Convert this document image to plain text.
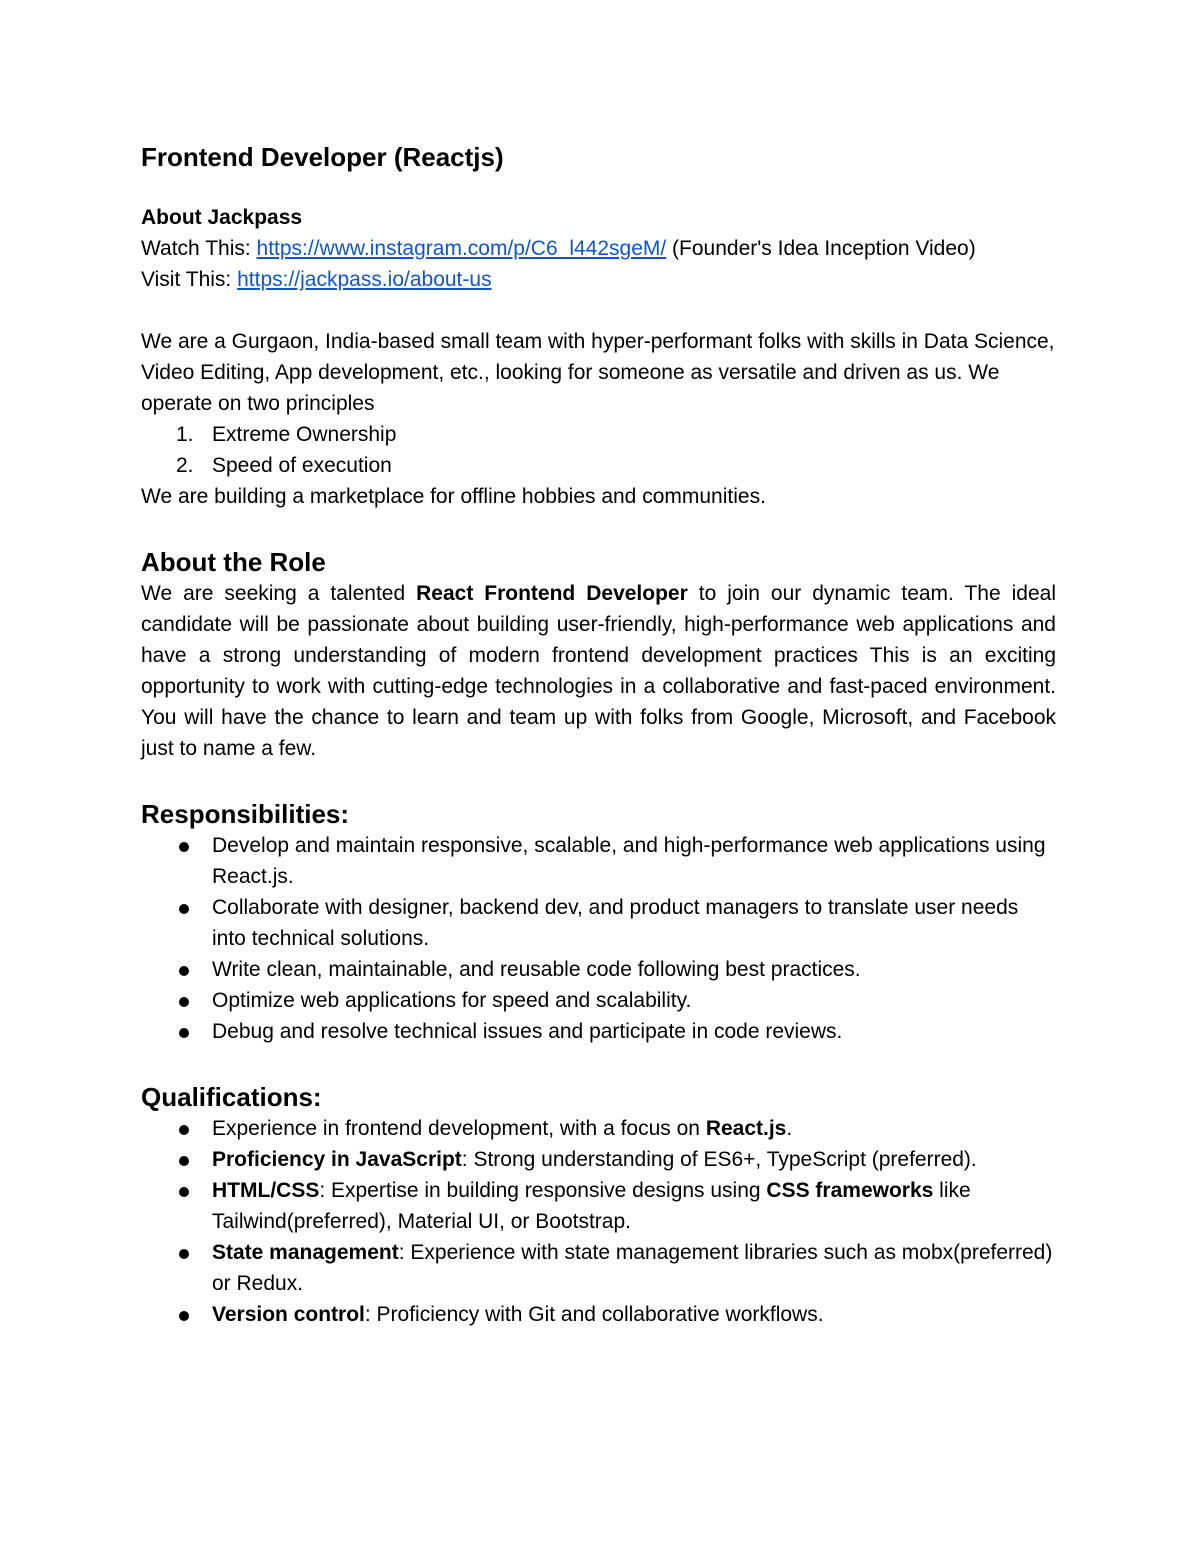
Frontend Developer (Reactjs)
About Jackpass

Watch This: https://www.instagram.com/p/C6_l442sgeM/ (Founder's Idea Inception Video)

Visit This: https://jackpass.io/about-us

We are a Gurgaon, India-based small team with hyper-performant folks with skills in Data Science, Video Editing, App development, etc., looking for someone as versatile and driven as us. We operate on two principles

1. Extreme Ownership
2. Speed of execution

We are building a marketplace for offline hobbies and communities.

About the Role

We are seeking a talented React Frontend Developer to join our dynamic team. The ideal candidate will be passionate about building user-friendly, high-performance web applications and have a strong understanding of modern frontend development practices This is an exciting opportunity to work with cutting-edge technologies in a collaborative and fast-paced environment. You will have the chance to learn and team up with folks from Google, Microsoft, and Facebook just to name a few.

Responsibilities:
Develop and maintain responsive, scalable, and high-performance web applications using React.js.
Collaborate with designer, backend dev, and product managers to translate user needs into technical solutions.
Write clean, maintainable, and reusable code following best practices.
Optimize web applications for speed and scalability.
Debug and resolve technical issues and participate in code reviews.
Qualifications:
Experience in frontend development, with a focus on React.js.
Proficiency in JavaScript: Strong understanding of ES6+, TypeScript (preferred).
HTML/CSS: Expertise in building responsive designs using CSS frameworks like Tailwind(preferred), Material UI, or Bootstrap.
State management: Experience with state management libraries such as mobx(preferred) or Redux.
Version control: Proficiency with Git and collaborative workflows.
